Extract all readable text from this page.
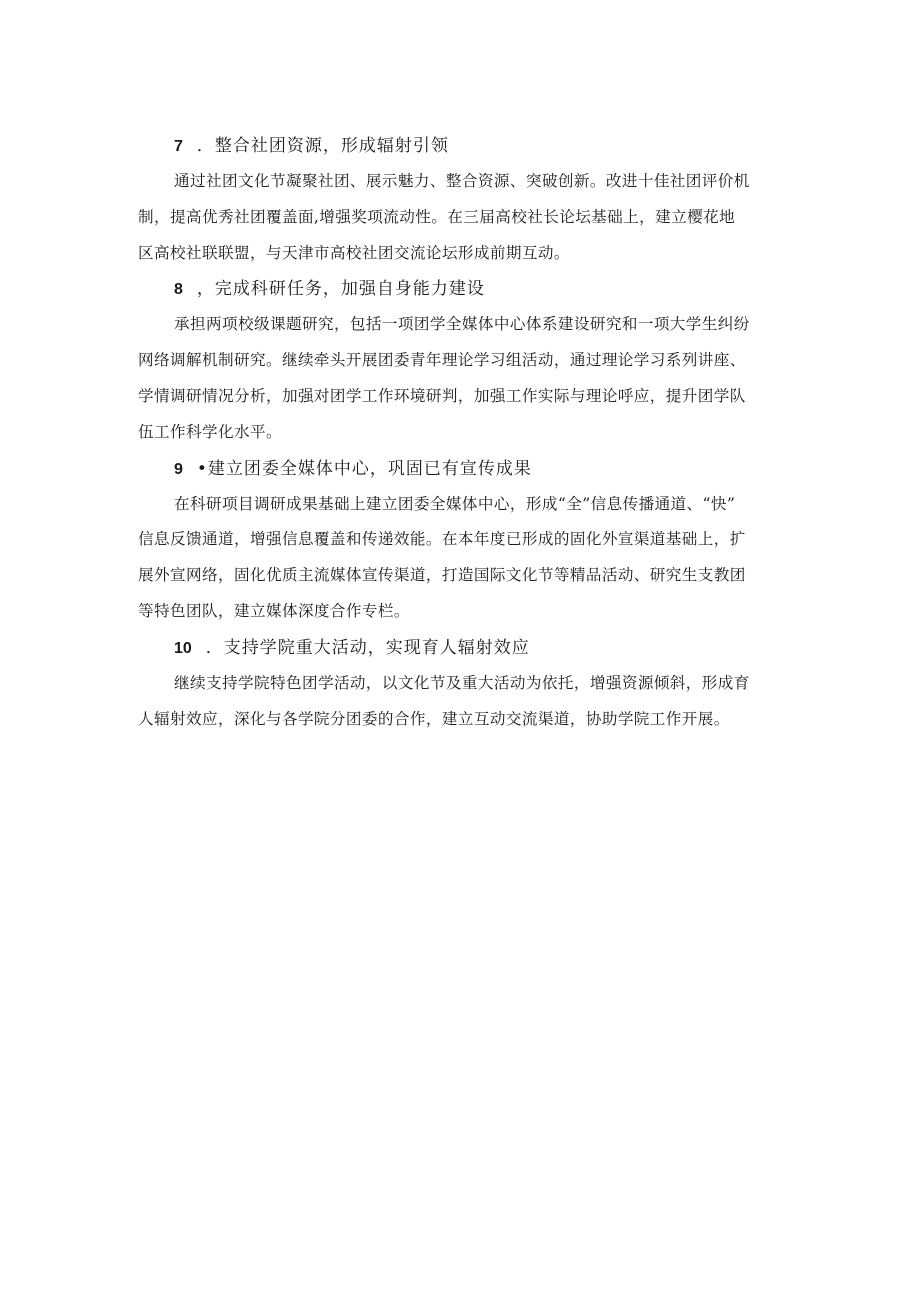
7 ．整合社团资源，形成辐射引领

通过社团文化节凝聚社团、展示魅力、整合资源、突破创新。改进十佳社团评价机
制，提高优秀社团覆盖面,增强奖项流动性。在三届高校社长论坛基础上，建立樱花地
区高校社联联盟，与天津市高校社团交流论坛形成前期互动。

8 ，完成科研任务，加强自身能力建设

承担两项校级课题研究，包括一项团学全媒体中心体系建设研究和一项大学生纠纷
网络调解机制研究。继续牵头开展团委青年理论学习组活动，通过理论学习系列讲座、
学情调研情况分析，加强对团学工作环境研判，加强工作实际与理论呼应，提升团学队
伍工作科学化水平。

9 •建立团委全媒体中心，巩固已有宣传成果

在科研项目调研成果基础上建立团委全媒体中心，形成“全”信息传播通道、“快”
信息反馈通道，增强信息覆盖和传递效能。在本年度已形成的固化外宣渠道基础上，扩
展外宣网络，固化优质主流媒体宣传渠道，打造国际文化节等精品活动、研究生支教团
等特色团队，建立媒体深度合作专栏。

10 ．支持学院重大活动，实现育人辐射效应

继续支持学院特色团学活动，以文化节及重大活动为依托，增强资源倾斜，形成育
人辐射效应，深化与各学院分团委的合作，建立互动交流渠道，协助学院工作开展。
